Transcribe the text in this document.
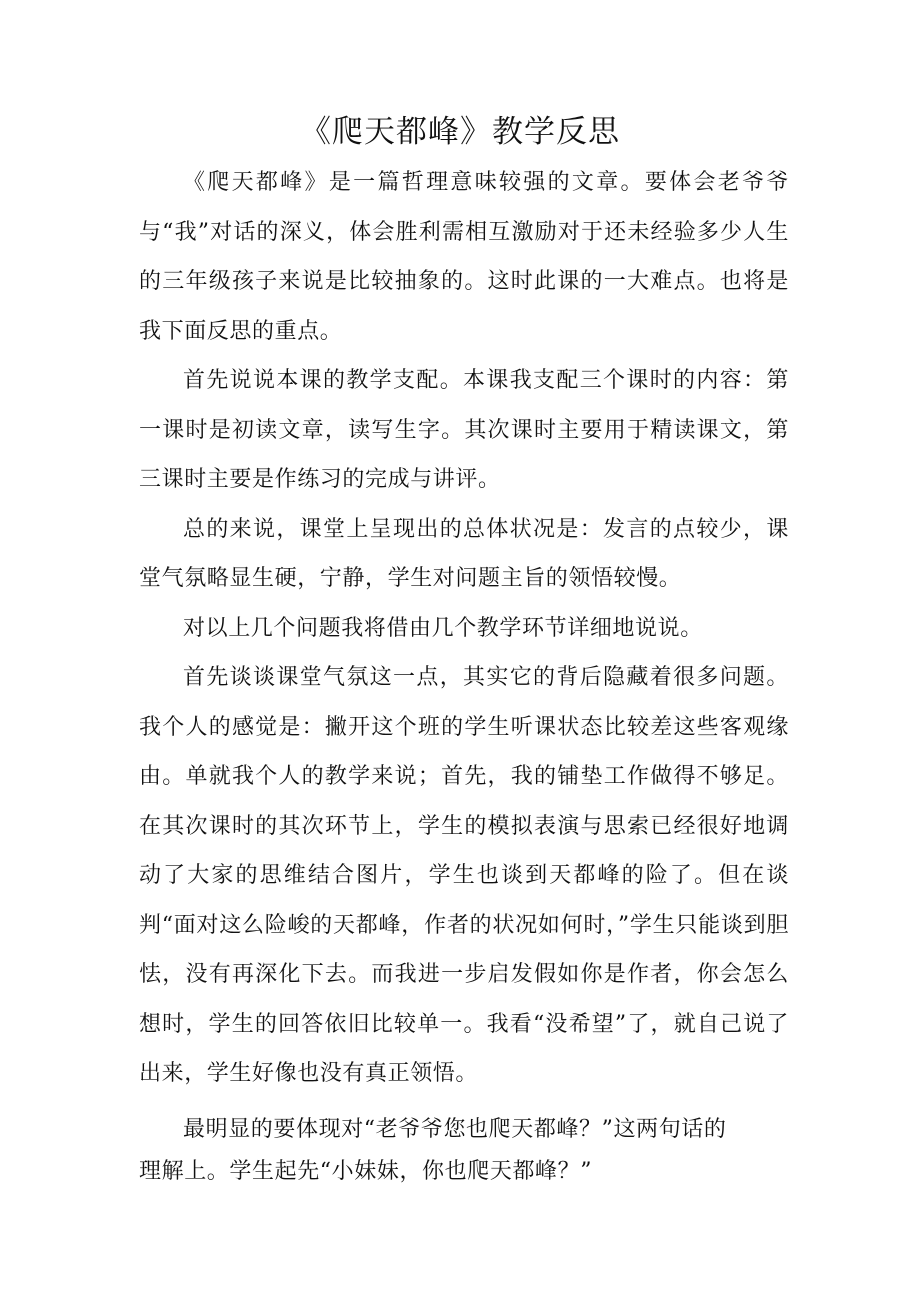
《爬天都峰》教学反思

《爬天都峰》是一篇哲理意味较强的文章。要体会老爷爷与“我”对话的深义，体会胜利需相互激励对于还未经验多少人生的三年级孩子来说是比较抽象的。这时此课的一大难点。也将是我下面反思的重点。

首先说说本课的教学支配。本课我支配三个课时的内容：第一课时是初读文章，读写生字。其次课时主要用于精读课文，第三课时主要是作练习的完成与讲评。

总的来说，课堂上呈现出的总体状况是：发言的点较少，课堂气氛略显生硬，宁静，学生对问题主旨的领悟较慢。

对以上几个问题我将借由几个教学环节详细地说说。

首先谈谈课堂气氛这一点，其实它的背后隐藏着很多问题。我个人的感觉是：撇开这个班的学生听课状态比较差这些客观缘由。单就我个人的教学来说；首先，我的铺垫工作做得不够足。在其次课时的其次环节上，学生的模拟表演与思索已经很好地调动了大家的思维结合图片，学生也谈到天都峰的险了。但在谈判“面对这么险峻的天都峰，作者的状况如何时，”学生只能谈到胆怯，没有再深化下去。而我进一步启发假如你是作者，你会怎么想时，学生的回答依旧比较单一。我看“没希望”了，就自己说了出来，学生好像也没有真正领悟。

最明显的要体现对“老爷爷您也爬天都峰？”这两句话的理解上。学生起先“小妹妹，你也爬天都峰？”
